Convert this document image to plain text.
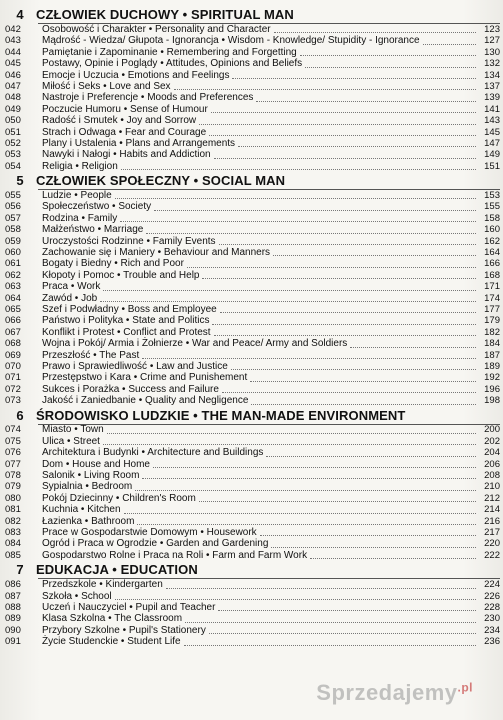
4 CZŁOWIEK DUCHOWY • SPIRITUAL MAN
042	Osobowość i Charakter • Personality and Character	123
043	Mądrość - Wiedza/ Głupota - Ignorancja • Wisdom - Knowledge/ Stupidity - Ignorance	127
044	Pamiętanie i Zapominanie • Remembering and Forgetting	130
045	Postawy, Opinie i Poglądy • Attitudes, Opinions and Beliefs	132
046	Emocje i Uczucia • Emotions and Feelings	134
047	Miłość i Seks • Love and Sex	137
048	Nastroje i Preferencje • Moods and Preferences	139
049	Poczucie Humoru • Sense of Humour	141
050	Radość i Smutek • Joy and Sorrow	143
051	Strach i Odwaga • Fear and Courage	145
052	Plany i Ustalenia • Plans and Arrangements	147
053	Nawyki i Nałogi • Habits and Addiction	149
054	Religia • Religion	151
5 CZŁOWIEK SPOŁECZNY • SOCIAL MAN
055	Ludzie • People	153
056	Społeczeństwo • Society	155
057	Rodzina • Family	158
058	Małżeństwo • Marriage	160
059	Uroczystości Rodzinne • Family Events	162
060	Zachowanie się i Maniery • Behaviour and Manners	164
061	Bogaty i Biedny • Rich and Poor	166
062	Kłopoty i Pomoc • Trouble and Help	168
063	Praca • Work	171
064	Zawód • Job	174
065	Szef i Podwładny • Boss and Employee	177
066	Państwo i Polityka • State and Politics	179
067	Konflikt i Protest • Conflict and Protest	182
068	Wojna i Pokój/ Armia i Żołnierze • War and Peace/ Army and Soldiers	184
069	Przeszłość • The Past	187
070	Prawo i Sprawiedliwość • Law and Justice	189
071	Przestępstwo i Kara • Crime and Punishement	192
072	Sukces i Porażka • Success and Failure	196
073	Jakość i Zaniedbanie • Quality and Negligence	198
6 ŚRODOWISKO LUDZKIE • THE MAN-MADE ENVIRONMENT
074	Miasto • Town	200
075	Ulica • Street	202
076	Architektura i Budynki • Architecture and Buildings	204
077	Dom • House and Home	206
078	Salonik • Living Room	208
079	Sypialnia • Bedroom	210
080	Pokój Dziecinny • Children's Room	212
081	Kuchnia • Kitchen	214
082	Łazienka • Bathroom	216
083	Prace w Gospodarstwie Domowym • Housework	217
084	Ogród i Praca w Ogrodzie • Garden and Gardening	220
085	Gospodarstwo Rolne i Praca na Roli • Farm and Farm Work	222
7 EDUKACJA • EDUCATION
086	Przedszkole • Kindergarten	224
087	Szkoła • School	226
088	Uczeń i Nauczyciel • Pupil and Teacher	228
089	Klasa Szkolna • The Classroom	230
090	Przybory Szkolne • Pupil's Stationery	234
091	Życie Studenckie • Student Life	236
Sprzedajemy$^{.pl}$
